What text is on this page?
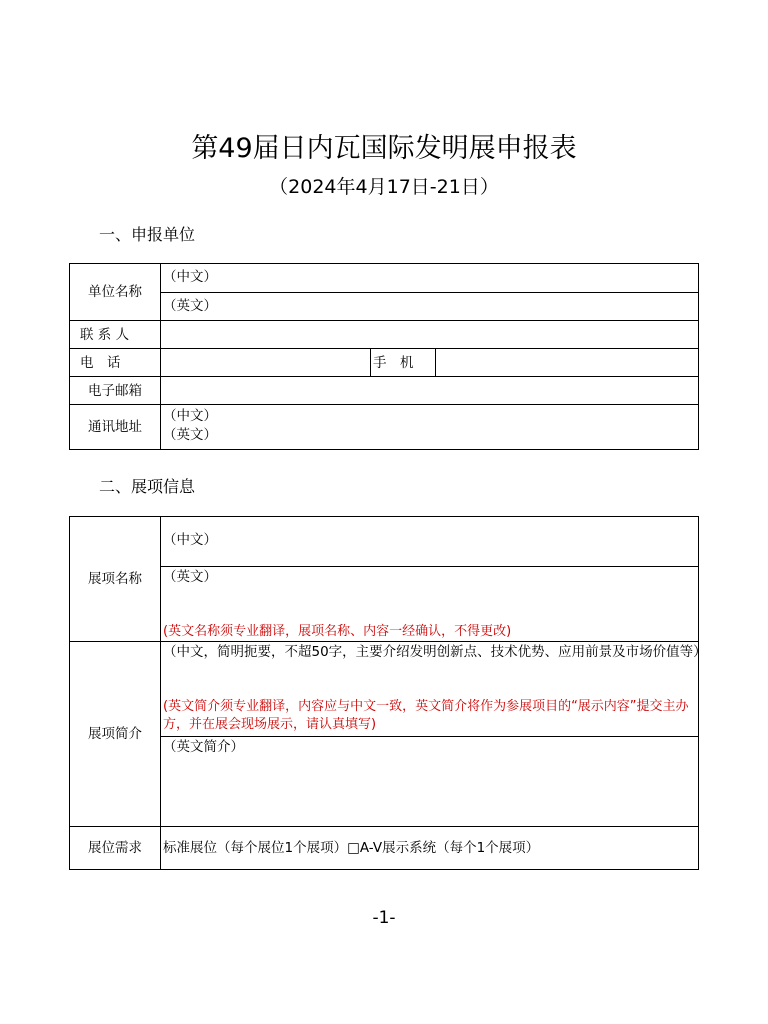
第49届日内瓦国际发明展申报表
（2024年4月17日-21日）
一、申报单位
单位名称
（中文）
（英文）
联 系 人
电　话	手　机
电子邮箱
通讯地址
（中文）
（英文）
二、展项信息
展项名称
（中文）
（英文）
(英文名称须专业翻译，展项名称、内容一经确认，不得更改)
展项简介
（中文，简明扼要，不超50字，主要介绍发明创新点、技术优势、应用前景及市场价值等）
(英文简介须专业翻译，内容应与中文一致，英文简介将作为参展项目的“展示内容”提交主办方，并在展会现场展示，请认真填写)
（英文简介）
展位需求	标准展位（每个展位1个展项）□A-V展示系统（每个1个展项）
-1-
